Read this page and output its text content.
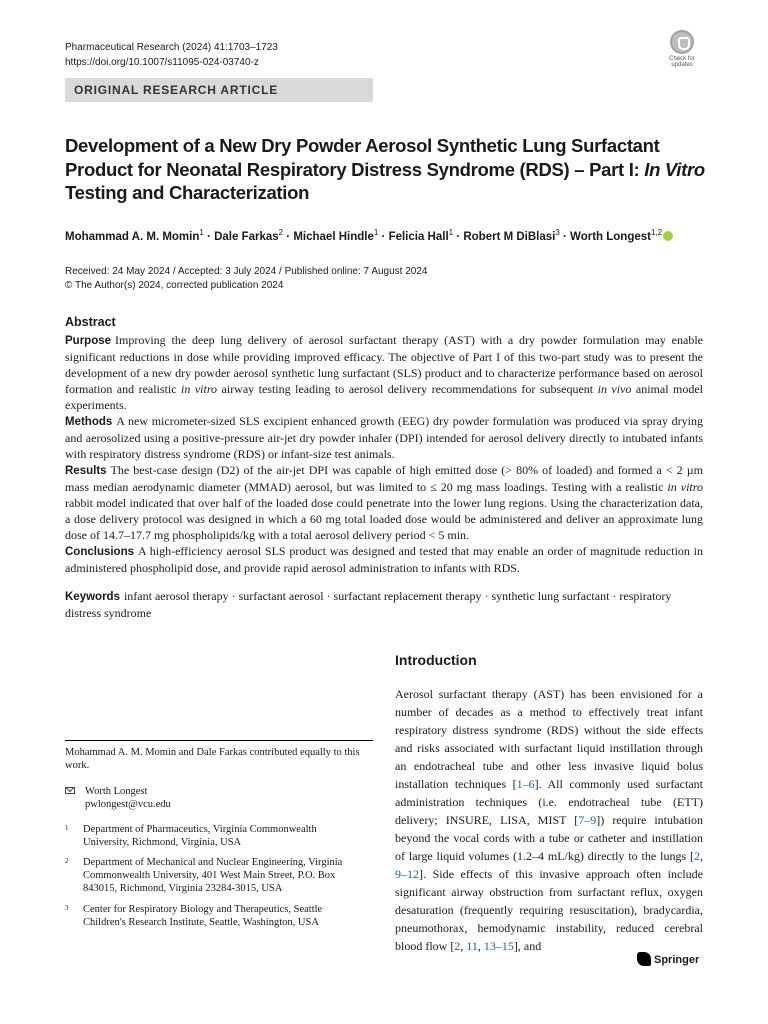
Pharmaceutical Research (2024) 41:1703–1723
https://doi.org/10.1007/s11095-024-03740-z	Check for
updates
ORIGINAL RESEARCH ARTICLE
Development of a New Dry Powder Aerosol Synthetic Lung Surfactant Product for Neonatal Respiratory Distress Syndrome (RDS) – Part I: In Vitro Testing and Characterization
Mohammad A. M. Momin$^1$ · Dale Farkas$^2$ · Michael Hindle$^1$ · Felicia Hall$^1$ · Robert M DiBlasi$^3$ · Worth Longest$^{1,2}$
Received: 24 May 2024 / Accepted: 3 July 2024 / Published online: 7 August 2024
© The Author(s) 2024, corrected publication 2024
Abstract

Purpose Improving the deep lung delivery of aerosol surfactant therapy (AST) with a dry powder formulation may enable significant reductions in dose while providing improved efficacy. The objective of Part I of this two-part study was to present the development of a new dry powder aerosol synthetic lung surfactant (SLS) product and to characterize performance based on aerosol formation and realistic in vitro airway testing leading to aerosol delivery recommendations for subsequent in vivo animal model experiments.

Methods A new micrometer-sized SLS excipient enhanced growth (EEG) dry powder formulation was produced via spray drying and aerosolized using a positive-pressure air-jet dry powder inhaler (DPI) intended for aerosol delivery directly to intubated infants with respiratory distress syndrome (RDS) or infant-size test animals.

Results The best-case design (D2) of the air-jet DPI was capable of high emitted dose (> 80% of loaded) and formed a < 2 µm mass median aerodynamic diameter (MMAD) aerosol, but was limited to ≤ 20 mg mass loadings. Testing with a realistic in vitro rabbit model indicated that over half of the loaded dose could penetrate into the lower lung regions. Using the characterization data, a dose delivery protocol was designed in which a 60 mg total loaded dose would be administered and deliver an approximate lung dose of 14.7–17.7 mg phospholipids/kg with a total aerosol delivery period < 5 min.

Conclusions A high-efficiency aerosol SLS product was designed and tested that may enable an order of magnitude reduction in administered phospholipid dose, and provide rapid aerosol administration to infants with RDS.

Keywords infant aerosol therapy · surfactant aerosol · surfactant replacement therapy · synthetic lung surfactant · respiratory distress syndrome

Introduction

Aerosol surfactant therapy (AST) has been envisioned for a number of decades as a method to effectively treat infant respiratory distress syndrome (RDS) without the side effects and risks associated with surfactant liquid instillation through an endotracheal tube and other less invasive liquid bolus installation techniques [1–6]. All commonly used surfactant administration techniques (i.e. endotracheal tube (ETT) delivery; INSURE, LISA, MIST [7–9]) require intubation beyond the vocal cords with a tube or catheter and instillation of large liquid volumes (1.2–4 mL/kg) directly to the lungs [2, 9–12]. Side effects of this invasive approach often include significant airway obstruction from surfactant reflux, oxygen desaturation (frequently requiring resuscitation), bradycardia, pneumothorax, hemodynamic instability, reduced cerebral blood flow [2, 11, 13–15], and

Mohammad A. M. Momin and Dale Farkas contributed equally to this work.

Worth Longest
pwlongest@vcu.edu
1 Department of Pharmaceutics, Virginia Commonwealth University, Richmond, Virginia, USA
2 Department of Mechanical and Nuclear Engineering, Virginia Commonwealth University, 401 West Main Street, P.O. Box 843015, Richmond, Virginia 23284-3015, USA
3 Center for Respiratory Biology and Therapeutics, Seattle Children's Research Institute, Seattle, Washington, USA
Springer
